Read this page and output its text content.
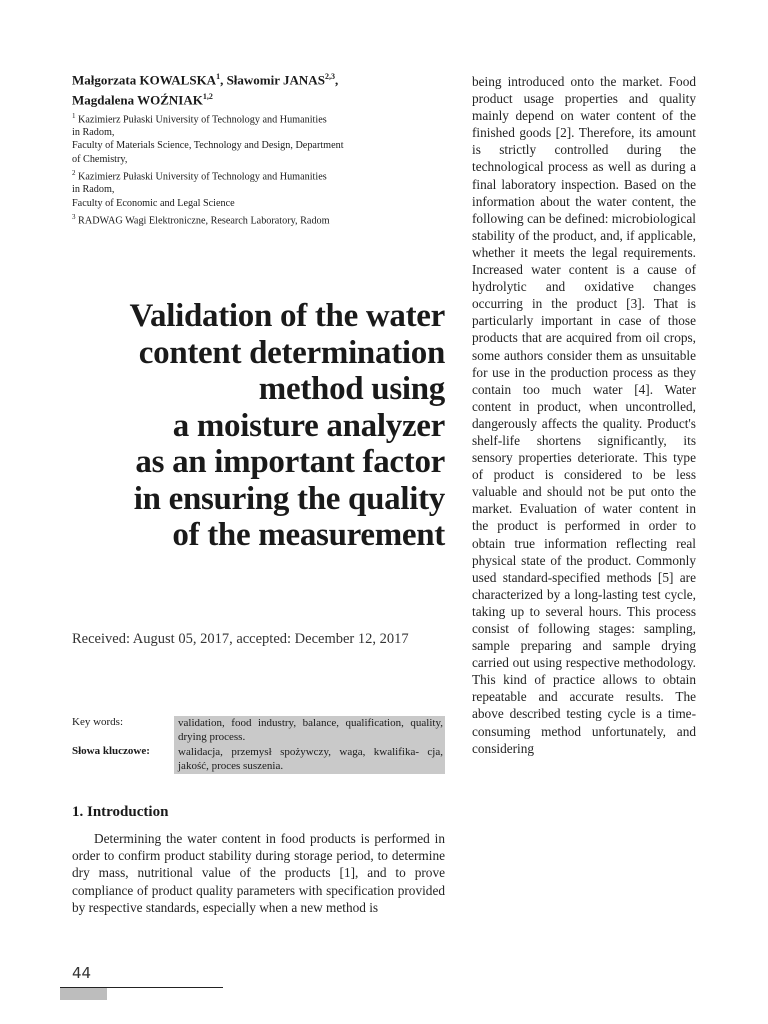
Małgorzata KOWALSKA$^1$, Sławomir JANAS$^{2,3}$,
Magdalena WOŹNIAK$^{1,2}$
$^1$ Kazimierz Pułaski University of Technology and Humanities
in Radom,
Faculty of Materials Science, Technology and Design, Department
of Chemistry,
$^2$ Kazimierz Pułaski University of Technology and Humanities
in Radom,
Faculty of Economic and Legal Science
$^3$ RADWAG Wagi Elektroniczne, Research Laboratory, Radom
Validation of the water
content determination
method using
a moisture analyzer
as an important factor
in ensuring the quality
of the measurement
Received: August 05, 2017, accepted: December 12, 2017
Key words:	validation, food industry, balance, qualification, quality, drying process.
Słowa kluczowe:	walidacja, przemysł spożywczy, waga, kwalifika- cja, jakość, proces suszenia.
1. Introduction
Determining the water content in food products is performed in order to confirm product stability during storage period, to determine dry mass, nutritional value of the products [1], and to prove compliance of product quality parameters with specification provided by respective standards, especially when a new method is
being introduced onto the market. Food product usage properties and quality mainly depend on water content of the finished goods [2]. Therefore, its amount is strictly controlled during the technological process as well as during a final laboratory inspection. Based on the information about the water content, the following can be defined: microbiological stability of the product, and, if applicable, whether it meets the legal requirements. Increased water content is a cause of hydrolytic and oxidative changes occurring in the product [3]. That is particularly important in case of those products that are acquired from oil crops, some authors consider them as unsuitable for use in the production process as they contain too much water [4]. Water content in product, when uncontrolled, dangerously affects the quality. Product's shelf-life shortens significantly, its sensory properties deteriorate. This type of product is considered to be less valuable and should not be put onto the market. Evaluation of water content in the product is performed in order to obtain true information reflecting real physical state of the product. Commonly used standard-specified methods [5] are characterized by a long-lasting test cycle, taking up to several hours. This process consist of following stages: sampling, sample preparing and sample drying carried out using respective methodology. This kind of practice allows to obtain repeatable and accurate results. The above described testing cycle is a time-consuming method unfortunately, and considering
44
